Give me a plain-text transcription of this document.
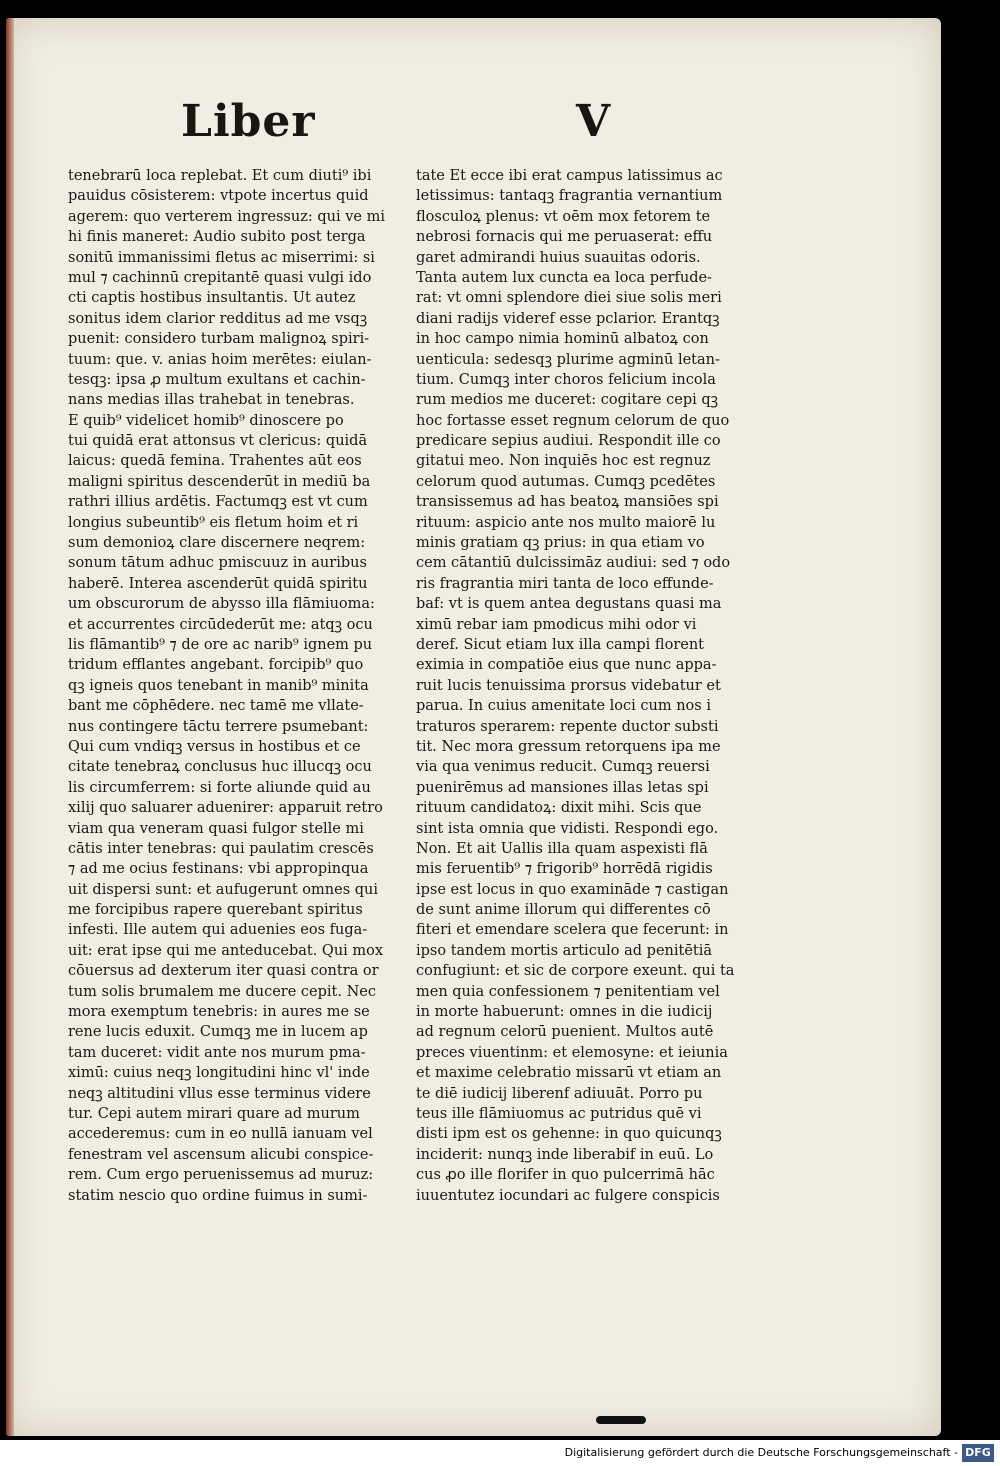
Liber	V
tenebrarū loca replebat. Et cum diuti⁹ ibi
pauidus cōsisterem: vtpote incertus quid
agerem: quo verterem ingressuz: qui ve mi
hi finis maneret: Audio subito post terga
sonitū immanissimi fletus ac miserrimi: si
mul ⁊ cachinnū crepitantē quasi vulgi ido
cti captis hostibus insultantis. Ut autez
sonitus idem clarior redditus ad me vsqꝫ
puenit: considero turbam malignoꝝ spiri-
tuum: que. v. anias hoim merētes: eiulan-
tesqꝫ: ipsa ꝓ multum exultans et cachin-
nans medias illas trahebat in tenebras.
E quib⁹ videlicet homib⁹ dinoscere po
tui quidā erat attonsus vt clericus: quidā
laicus: quedā femina. Trahentes aūt eos
maligni spiritus descenderūt in mediū ba
rathri illius ardētis. Factumqꝫ est vt cum
longius subeuntib⁹ eis fletum hoim et ri
sum demonioꝝ clare discernere neqrem:
sonum tātum adhuc pmiscuuz in auribus
haberē. Interea ascenderūt quidā spiritu
um obscurorum de abysso illa flāmiuoma:
et accurrentes circūdederūt me: atqꝫ ocu
lis flāmantib⁹ ⁊ de ore ac narib⁹ ignem pu
tridum efflantes angebant. forcipib⁹ quo
qꝫ igneis quos tenebant in manib⁹ minita
bant me cōphēdere. nec tamē me vllate-
nus contingere tāctu terrere psumebant:
Qui cum vndiqꝫ versus in hostibus et ce
citate tenebraꝝ conclusus huc illucqꝫ ocu
lis circumferrem: si forte aliunde quid au
xilij quo saluarer aduenirer: apparuit retro
viam qua veneram quasi fulgor stelle mi
cātis inter tenebras: qui paulatim crescēs
⁊ ad me ocius festinans: vbi appropinqua
uit dispersi sunt: et aufugerunt omnes qui
me forcipibus rapere querebant spiritus
infesti. Ille autem qui aduenies eos fuga-
uit: erat ipse qui me anteducebat. Qui mox
cōuersus ad dexterum iter quasi contra or
tum solis brumalem me ducere cepit. Nec
mora exemptum tenebris: in aures me se
rene lucis eduxit. Cumqꝫ me in lucem ap
tam duceret: vidit ante nos murum pma-
ximū: cuius neqꝫ longitudini hinc vl' inde
neqꝫ altitudini vllus esse terminus videre
tur. Cepi autem mirari quare ad murum
accederemus: cum in eo nullā ianuam vel
fenestram vel ascensum alicubi conspice-
rem. Cum ergo peruenissemus ad muruz:
statim nescio quo ordine fuimus in sumi-
tate Et ecce ibi erat campus latissimus ac
letissimus: tantaqꝫ fragrantia vernantium
flosculoꝝ plenus: vt oēm mox fetorem te
nebrosi fornacis qui me peruaserat: effu
garet admirandi huius suauitas odoris.
Tanta autem lux cuncta ea loca perfude-
rat: vt omni splendore diei siue solis meri
diani radijs videref esse pclarior. Erantqꝫ
in hoc campo nimia hominū albatoꝝ con
uenticula: sedesqꝫ plurime agminū letan-
tium. Cumqꝫ inter choros felicium incola
rum medios me duceret: cogitare cepi qꝫ
hoc fortasse esset regnum celorum de quo
predicare sepius audiui. Respondit ille co
gitatui meo. Non inquiēs hoc est regnuz
celorum quod autumas. Cumqꝫ pcedētes
transissemus ad has beatoꝝ mansiōes spi
rituum: aspicio ante nos multo maiorē lu
minis gratiam qꝫ prius: in qua etiam vo
cem cātantiū dulcissimāz audiui: sed ⁊ odo
ris fragrantia miri tanta de loco effunde-
baf: vt is quem antea degustans quasi ma
ximū rebar iam pmodicus mihi odor vi
deref. Sicut etiam lux illa campi florent
eximia in compatiōe eius que nunc appa-
ruit lucis tenuissima prorsus videbatur et
parua. In cuius amenitate loci cum nos i
traturos sperarem: repente ductor substi
tit. Nec mora gressum retorquens ipa me
via qua venimus reducit. Cumqꝫ reuersi
puenirēmus ad mansiones illas letas spi
rituum candidatoꝝ: dixit mihi. Scis que
sint ista omnia que vidisti. Respondi ego.
Non. Et ait Uallis illa quam aspexisti flā
mis feruentib⁹ ⁊ frigorib⁹ horrēdā rigidis
ipse est locus in quo examināde ⁊ castigan
de sunt anime illorum qui differentes cō
fiteri et emendare scelera que fecerunt: in
ipso tandem mortis articulo ad penitētiā
confugiunt: et sic de corpore exeunt. qui ta
men quia confessionem ⁊ penitentiam vel
in morte habuerunt: omnes in die iudicij
ad regnum celorū puenient. Multos autē
preces viuentinm: et elemosyne: et ieiunia
et maxime celebratio missarū vt etiam an
te diē iudicij liberenf adiuuāt. Porro pu
teus ille flāmiuomus ac putridus quē vi
disti ipm est os gehenne: in quo quicunqꝫ
inciderit: nunqꝫ inde liberabif in euū. Lo
cus ꝓo ille florifer in quo pulcerrimā hāc
iuuentutez iocundari ac fulgere conspicis
Digitalisierung gefördert durch die Deutsche Forschungsgemeinschaft - DFG
